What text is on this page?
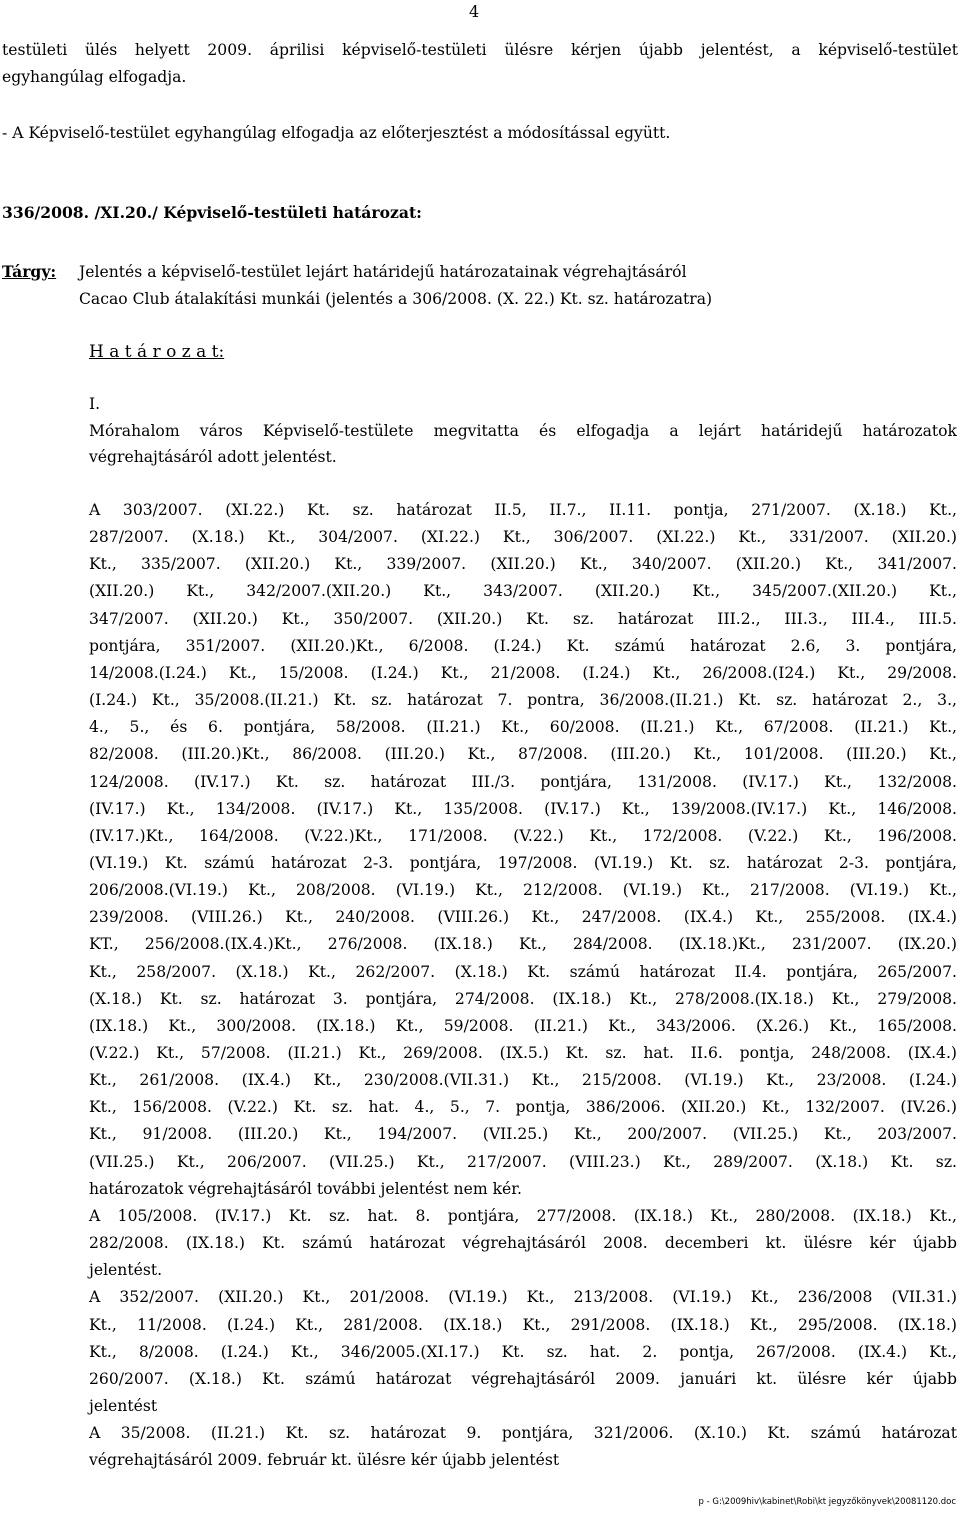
4
testületi ülés helyett 2009. áprilisi képviselő-testületi ülésre kérjen újabb jelentést, a képviselő-testület
egyhangúlag elfogadja.
- A Képviselő-testület egyhangúlag elfogadja az előterjesztést a módosítással együtt.
336/2008. /XI.20./ Képviselő-testületi határozat:
Tárgy: Jelentés a képviselő-testület lejárt határidejű határozatainak végrehajtásáról
Cacao Club átalakítási munkái (jelentés a 306/2008. (X. 22.) Kt. sz. határozatra)
H a t á r o z a t:
I.
Mórahalom város Képviselő-testülete megvitatta és elfogadja a lejárt határidejű határozatok
végrehajtásáról adott jelentést.
A 303/2007. (XI.22.) Kt. sz. határozat II.5, II.7., II.11. pontja, 271/2007. (X.18.) Kt.,
287/2007. (X.18.) Kt., 304/2007. (XI.22.) Kt., 306/2007. (XI.22.) Kt., 331/2007. (XII.20.)
Kt., 335/2007. (XII.20.) Kt., 339/2007. (XII.20.) Kt., 340/2007. (XII.20.) Kt., 341/2007.
(XII.20.) Kt., 342/2007.(XII.20.) Kt., 343/2007. (XII.20.) Kt., 345/2007.(XII.20.) Kt.,
347/2007. (XII.20.) Kt., 350/2007. (XII.20.) Kt. sz. határozat III.2., III.3., III.4., III.5.
pontjára, 351/2007. (XII.20.)Kt., 6/2008. (I.24.) Kt. számú határozat 2.6, 3. pontjára,
14/2008.(I.24.) Kt., 15/2008. (I.24.) Kt., 21/2008. (I.24.) Kt., 26/2008.(I24.) Kt., 29/2008.
(I.24.) Kt., 35/2008.(II.21.) Kt. sz. határozat 7. pontra, 36/2008.(II.21.) Kt. sz. határozat 2., 3.,
4., 5., és 6. pontjára, 58/2008. (II.21.) Kt., 60/2008. (II.21.) Kt., 67/2008. (II.21.) Kt.,
82/2008. (III.20.)Kt., 86/2008. (III.20.) Kt., 87/2008. (III.20.) Kt., 101/2008. (III.20.) Kt.,
124/2008. (IV.17.) Kt. sz. határozat III./3. pontjára, 131/2008. (IV.17.) Kt., 132/2008.
(IV.17.) Kt., 134/2008. (IV.17.) Kt., 135/2008. (IV.17.) Kt., 139/2008.(IV.17.) Kt., 146/2008.
(IV.17.)Kt., 164/2008. (V.22.)Kt., 171/2008. (V.22.) Kt., 172/2008. (V.22.) Kt., 196/2008.
(VI.19.) Kt. számú határozat 2-3. pontjára, 197/2008. (VI.19.) Kt. sz. határozat 2-3. pontjára,
206/2008.(VI.19.) Kt., 208/2008. (VI.19.) Kt., 212/2008. (VI.19.) Kt., 217/2008. (VI.19.) Kt.,
239/2008. (VIII.26.) Kt., 240/2008. (VIII.26.) Kt., 247/2008. (IX.4.) Kt., 255/2008. (IX.4.)
KT., 256/2008.(IX.4.)Kt., 276/2008. (IX.18.) Kt., 284/2008. (IX.18.)Kt., 231/2007. (IX.20.)
Kt., 258/2007. (X.18.) Kt., 262/2007. (X.18.) Kt. számú határozat II.4. pontjára, 265/2007.
(X.18.) Kt. sz. határozat 3. pontjára, 274/2008. (IX.18.) Kt., 278/2008.(IX.18.) Kt., 279/2008.
(IX.18.) Kt., 300/2008. (IX.18.) Kt., 59/2008. (II.21.) Kt., 343/2006. (X.26.) Kt., 165/2008.
(V.22.) Kt., 57/2008. (II.21.) Kt., 269/2008. (IX.5.) Kt. sz. hat. II.6. pontja, 248/2008. (IX.4.)
Kt., 261/2008. (IX.4.) Kt., 230/2008.(VII.31.) Kt., 215/2008. (VI.19.) Kt., 23/2008. (I.24.)
Kt., 156/2008. (V.22.) Kt. sz. hat. 4., 5., 7. pontja, 386/2006. (XII.20.) Kt., 132/2007. (IV.26.)
Kt., 91/2008. (III.20.) Kt., 194/2007. (VII.25.) Kt., 200/2007. (VII.25.) Kt., 203/2007.
(VII.25.) Kt., 206/2007. (VII.25.) Kt., 217/2007. (VIII.23.) Kt., 289/2007. (X.18.) Kt. sz.
határozatok végrehajtásáról további jelentést nem kér.
A 105/2008. (IV.17.) Kt. sz. hat. 8. pontjára, 277/2008. (IX.18.) Kt., 280/2008. (IX.18.) Kt.,
282/2008. (IX.18.) Kt. számú határozat végrehajtásáról 2008. decemberi kt. ülésre kér újabb
jelentést.
A 352/2007. (XII.20.) Kt., 201/2008. (VI.19.) Kt., 213/2008. (VI.19.) Kt., 236/2008 (VII.31.)
Kt., 11/2008. (I.24.) Kt., 281/2008. (IX.18.) Kt., 291/2008. (IX.18.) Kt., 295/2008. (IX.18.)
Kt., 8/2008. (I.24.) Kt., 346/2005.(XI.17.) Kt. sz. hat. 2. pontja, 267/2008. (IX.4.) Kt.,
260/2007. (X.18.) Kt. számú határozat végrehajtásáról 2009. januári kt. ülésre kér újabb
jelentést
A 35/2008. (II.21.) Kt. sz. határozat 9. pontjára, 321/2006. (X.10.) Kt. számú határozat
végrehajtásáról 2009. február kt. ülésre kér újabb jelentést
p - G:\2009hiv\kabinet\Robi\kt jegyzőkönyvek\20081120.doc
